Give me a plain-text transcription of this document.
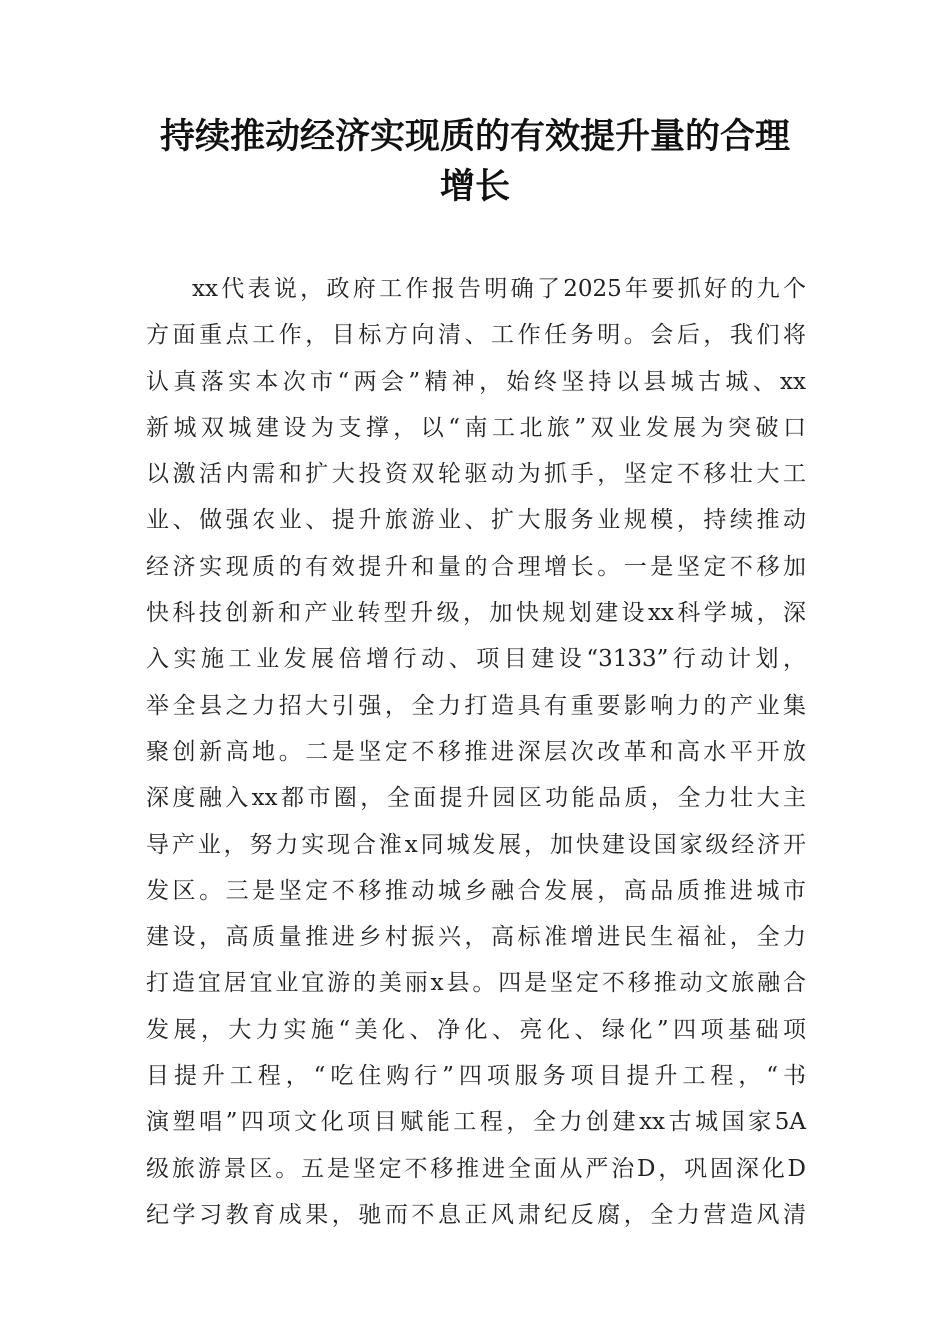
持续推动经济实现质的有效提升量的合理
增长
xx代表说，政府工作报告明确了2025年要抓好的九个
方面重点工作，目标方向清、工作任务明。会后，我们将
认真落实本次市“两会”精神，始终坚持以县城古城、xx
新城双城建设为支撑，以“南工北旅”双业发展为突破口
以激活内需和扩大投资双轮驱动为抓手，坚定不移壮大工
业、做强农业、提升旅游业、扩大服务业规模，持续推动
经济实现质的有效提升和量的合理增长。一是坚定不移加
快科技创新和产业转型升级，加快规划建设xx科学城，深
入实施工业发展倍增行动、项目建设“3133”行动计划，
举全县之力招大引强，全力打造具有重要影响力的产业集
聚创新高地。二是坚定不移推进深层次改革和高水平开放
深度融入xx都市圈，全面提升园区功能品质，全力壮大主
导产业，努力实现合淮x同城发展，加快建设国家级经济开
发区。三是坚定不移推动城乡融合发展，高品质推进城市
建设，高质量推进乡村振兴，高标准增进民生福祉，全力
打造宜居宜业宜游的美丽x县。四是坚定不移推动文旅融合
发展，大力实施“美化、净化、亮化、绿化”四项基础项
目提升工程，“吃住购行”四项服务项目提升工程，“书
演塑唱”四项文化项目赋能工程，全力创建xx古城国家5A
级旅游景区。五是坚定不移推进全面从严治D，巩固深化D
纪学习教育成果，驰而不息正风肃纪反腐，全力营造风清
